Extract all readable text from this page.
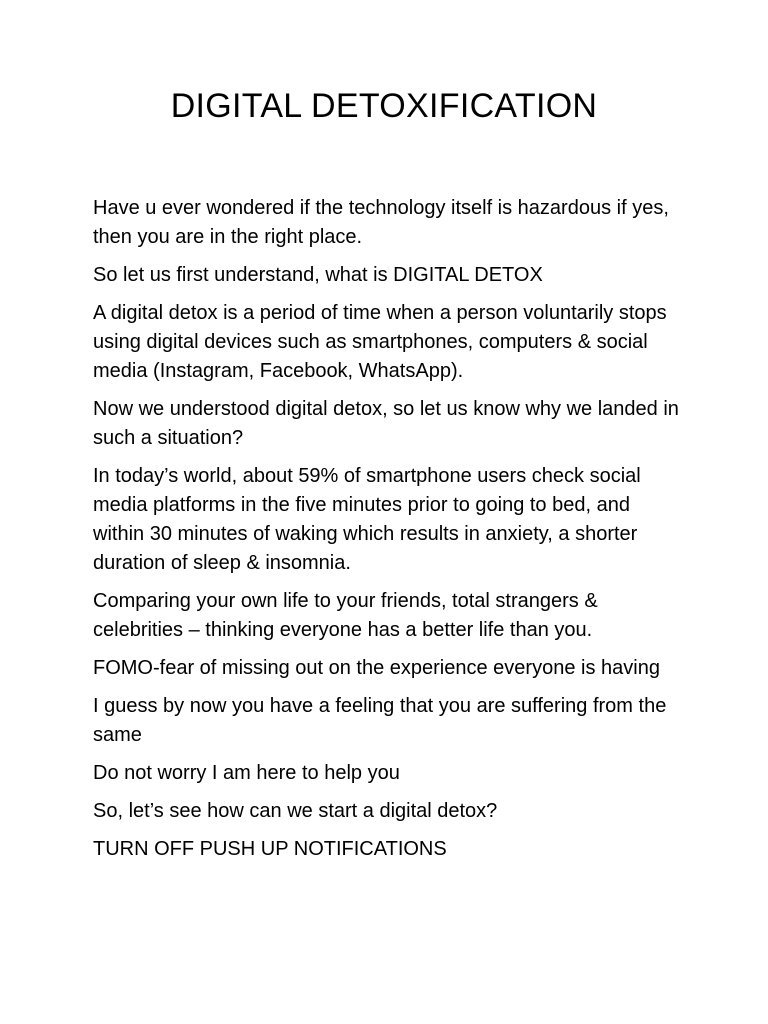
DIGITAL DETOXIFICATION

Have u ever wondered if the technology itself is hazardous if yes, then you are in the right place.

So let us first understand, what is DIGITAL DETOX

A digital detox is a period of time when a person voluntarily stops using digital devices such as smartphones, computers & social media (Instagram, Facebook, WhatsApp).

Now we understood digital detox, so let us know why we landed in such a situation?

In today’s world, about 59% of smartphone users check social media platforms in the five minutes prior to going to bed, and within 30 minutes of waking which results in anxiety, a shorter duration of sleep & insomnia.

Comparing your own life to your friends, total strangers & celebrities – thinking everyone has a better life than you.

FOMO-fear of missing out on the experience everyone is having

I guess by now you have a feeling that you are suffering from the same

Do not worry I am here to help you

So, let’s see how can we start a digital detox?

TURN OFF PUSH UP NOTIFICATIONS
